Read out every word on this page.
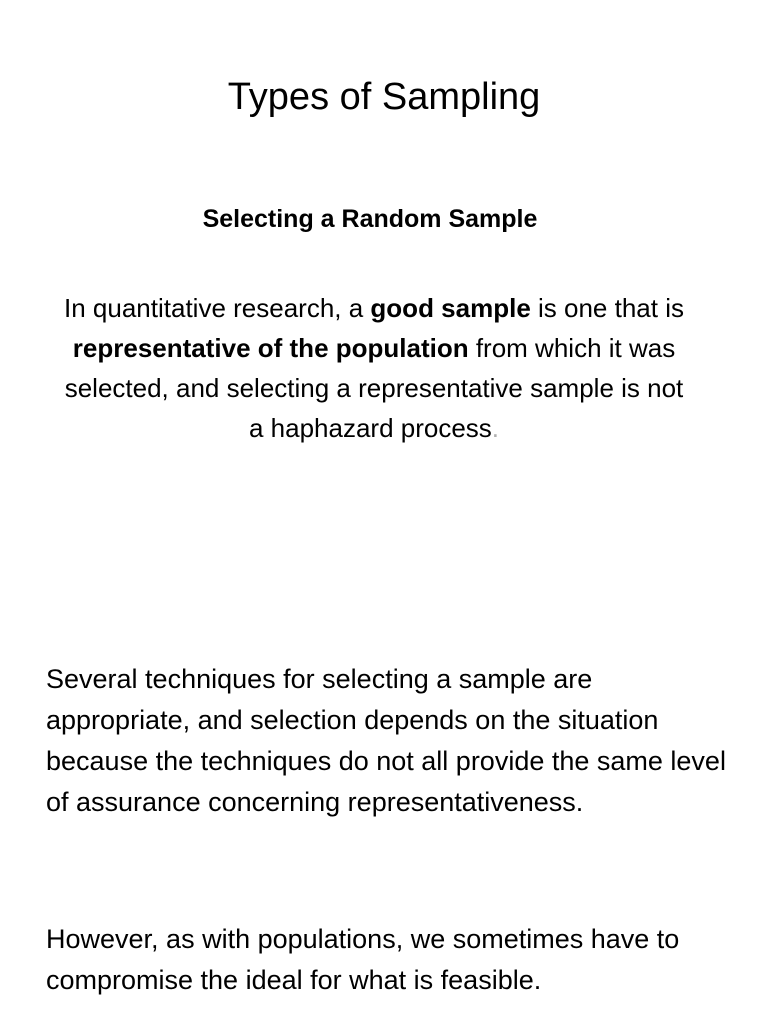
Types of Sampling
Selecting a Random Sample

In quantitative research, a good sample is one that is representative of the population from which it was selected, and selecting a representative sample is not a haphazard process.

Several techniques for selecting a sample are appropriate, and selection depends on the situation because the techniques do not all provide the same level of assurance concerning representativeness.

However, as with populations, we sometimes have to compromise the ideal for what is feasible.
